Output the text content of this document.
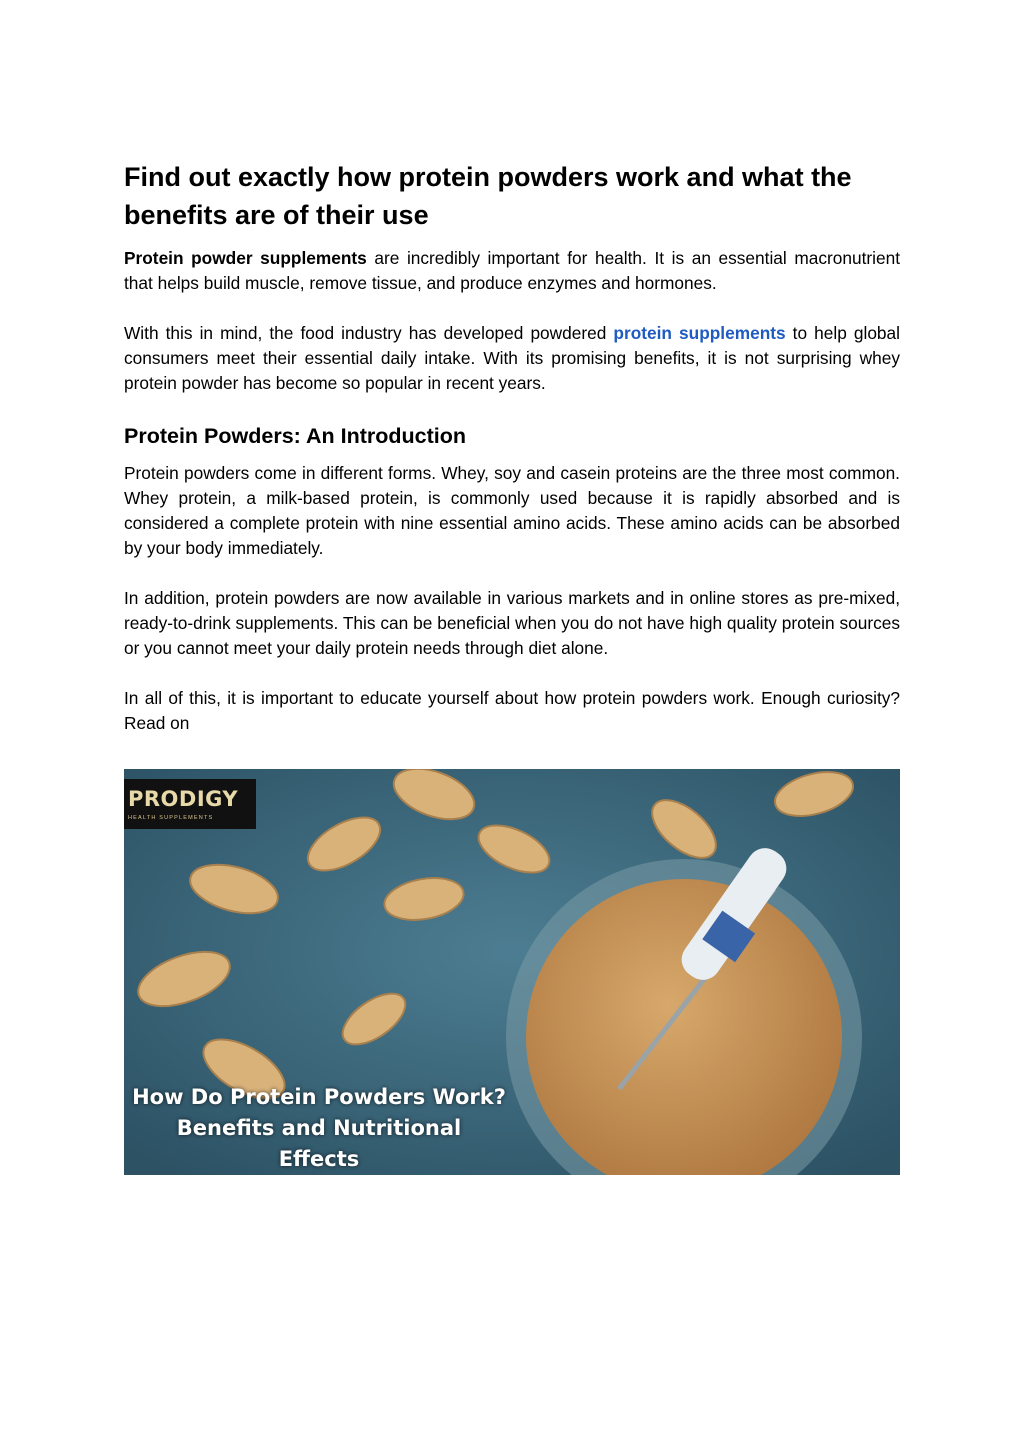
Find out exactly how protein powders work and what the benefits are of their use

Protein powder supplements are incredibly important for health. It is an essential macronutrient that helps build muscle, remove tissue, and produce enzymes and hormones.

With this in mind, the food industry has developed powdered protein supplements to help global consumers meet their essential daily intake. With its promising benefits, it is not surprising whey protein powder has become so popular in recent years.

Protein Powders: An Introduction

Protein powders come in different forms. Whey, soy and casein proteins are the three most common. Whey protein, a milk-based protein, is commonly used because it is rapidly absorbed and is considered a complete protein with nine essential amino acids. These amino acids can be absorbed by your body immediately.

In addition, protein powders are now available in various markets and in online stores as pre-mixed, ready-to-drink supplements. This can be beneficial when you do not have high quality protein sources or you cannot meet your daily protein needs through diet alone.

In all of this, it is important to educate yourself about how protein powders work. Enough curiosity? Read on

PRODIGY
HEALTH SUPPLEMENTS
How Do Protein Powders Work?
Benefits and Nutritional
Effects
